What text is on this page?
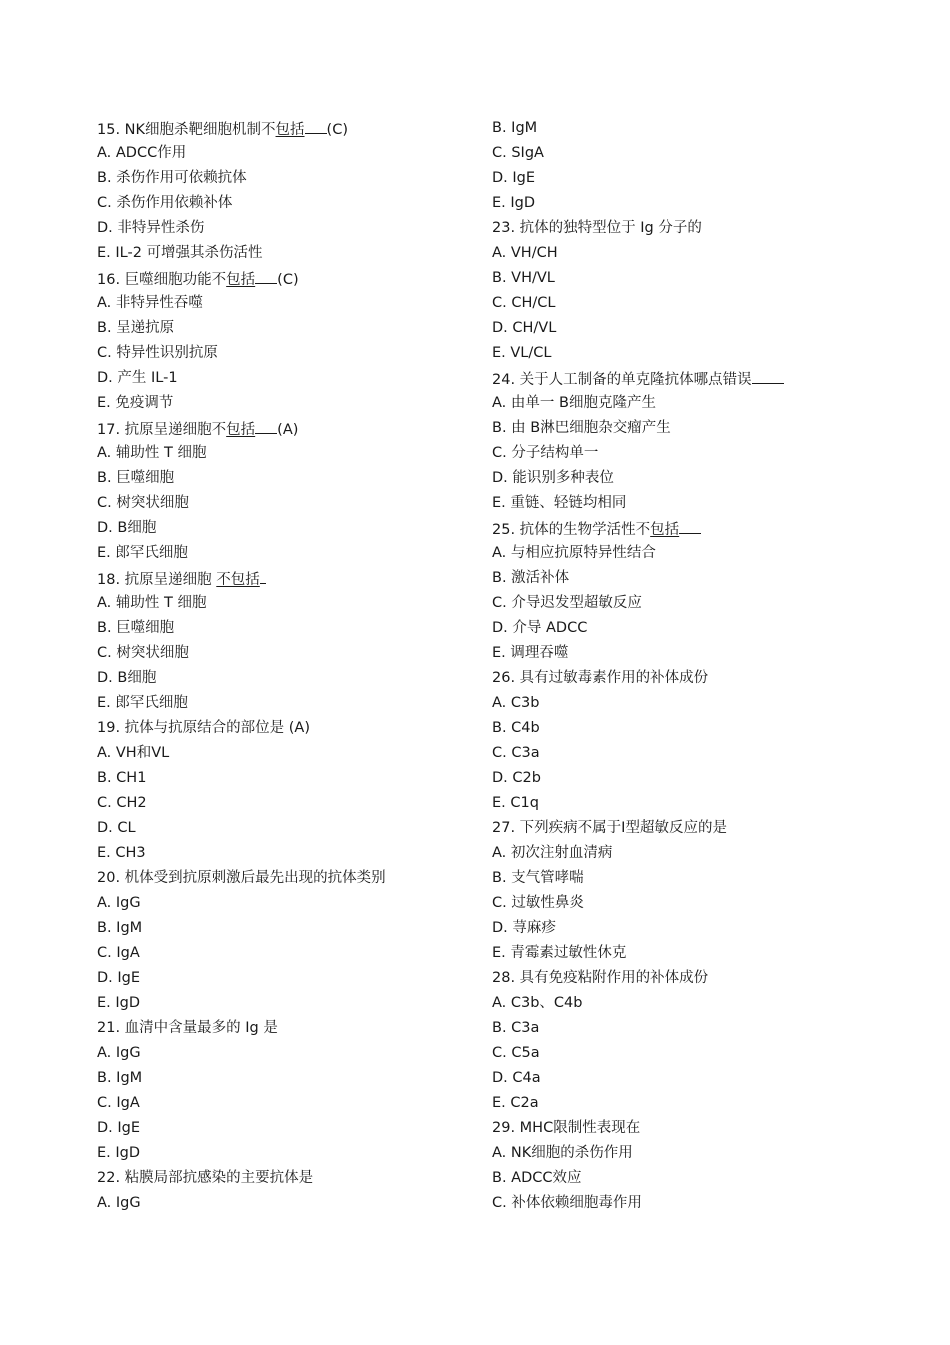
15. NK细胞杀靶细胞机制不包括 (C)
A. ADCC作用
B. 杀伤作用可依赖抗体
C. 杀伤作用依赖补体
D. 非特异性杀伤
E. IL-2 可增强其杀伤活性
16. 巨噬细胞功能不包括 (C)
A. 非特异性吞噬
B. 呈递抗原
C. 特异性识别抗原
D. 产生 IL-1
E. 免疫调节
17. 抗原呈递细胞不包括 (A)
A. 辅助性 T 细胞
B. 巨噬细胞
C. 树突状细胞
D. B细胞
E. 郎罕氏细胞
18. 抗原呈递细胞 不包括
A. 辅助性 T 细胞
B. 巨噬细胞
C. 树突状细胞
D. B细胞
E. 郎罕氏细胞
19. 抗体与抗原结合的部位是 (A)
A. VH和VL
B. CH1
C. CH2
D. CL
E. CH3
20. 机体受到抗原刺激后最先出现的抗体类别
A. IgG
B. IgM
C. IgA
D. IgE
E. IgD
21. 血清中含量最多的 Ig 是
A. IgG
B. IgM
C. IgA
D. IgE
E. IgD
22. 粘膜局部抗感染的主要抗体是
A. IgG
B. IgM
C. SIgA
D. IgE
E. IgD
23. 抗体的独特型位于 Ig 分子的
A. VH/CH
B. VH/VL
C. CH/CL
D. CH/VL
E. VL/CL
24. 关于人工制备的单克隆抗体哪点错误
A. 由单一 B细胞克隆产生
B. 由 B淋巴细胞杂交瘤产生
C. 分子结构单一
D. 能识别多种表位
E. 重链、轻链均相同
25. 抗体的生物学活性不包括
A. 与相应抗原特异性结合
B. 激活补体
C. 介导迟发型超敏反应
D. 介导 ADCC
E. 调理吞噬
26. 具有过敏毒素作用的补体成份
A. C3b
B. C4b
C. C3a
D. C2b
E. C1q
27. 下列疾病不属于Ⅰ型超敏反应的是
A. 初次注射血清病
B. 支气管哮喘
C. 过敏性鼻炎
D. 荨麻疹
E. 青霉素过敏性休克
28. 具有免疫粘附作用的补体成份
A. C3b、C4b
B. C3a
C. C5a
D. C4a
E. C2a
29. MHC限制性表现在
A. NK细胞的杀伤作用
B. ADCC效应
C. 补体依赖细胞毒作用
